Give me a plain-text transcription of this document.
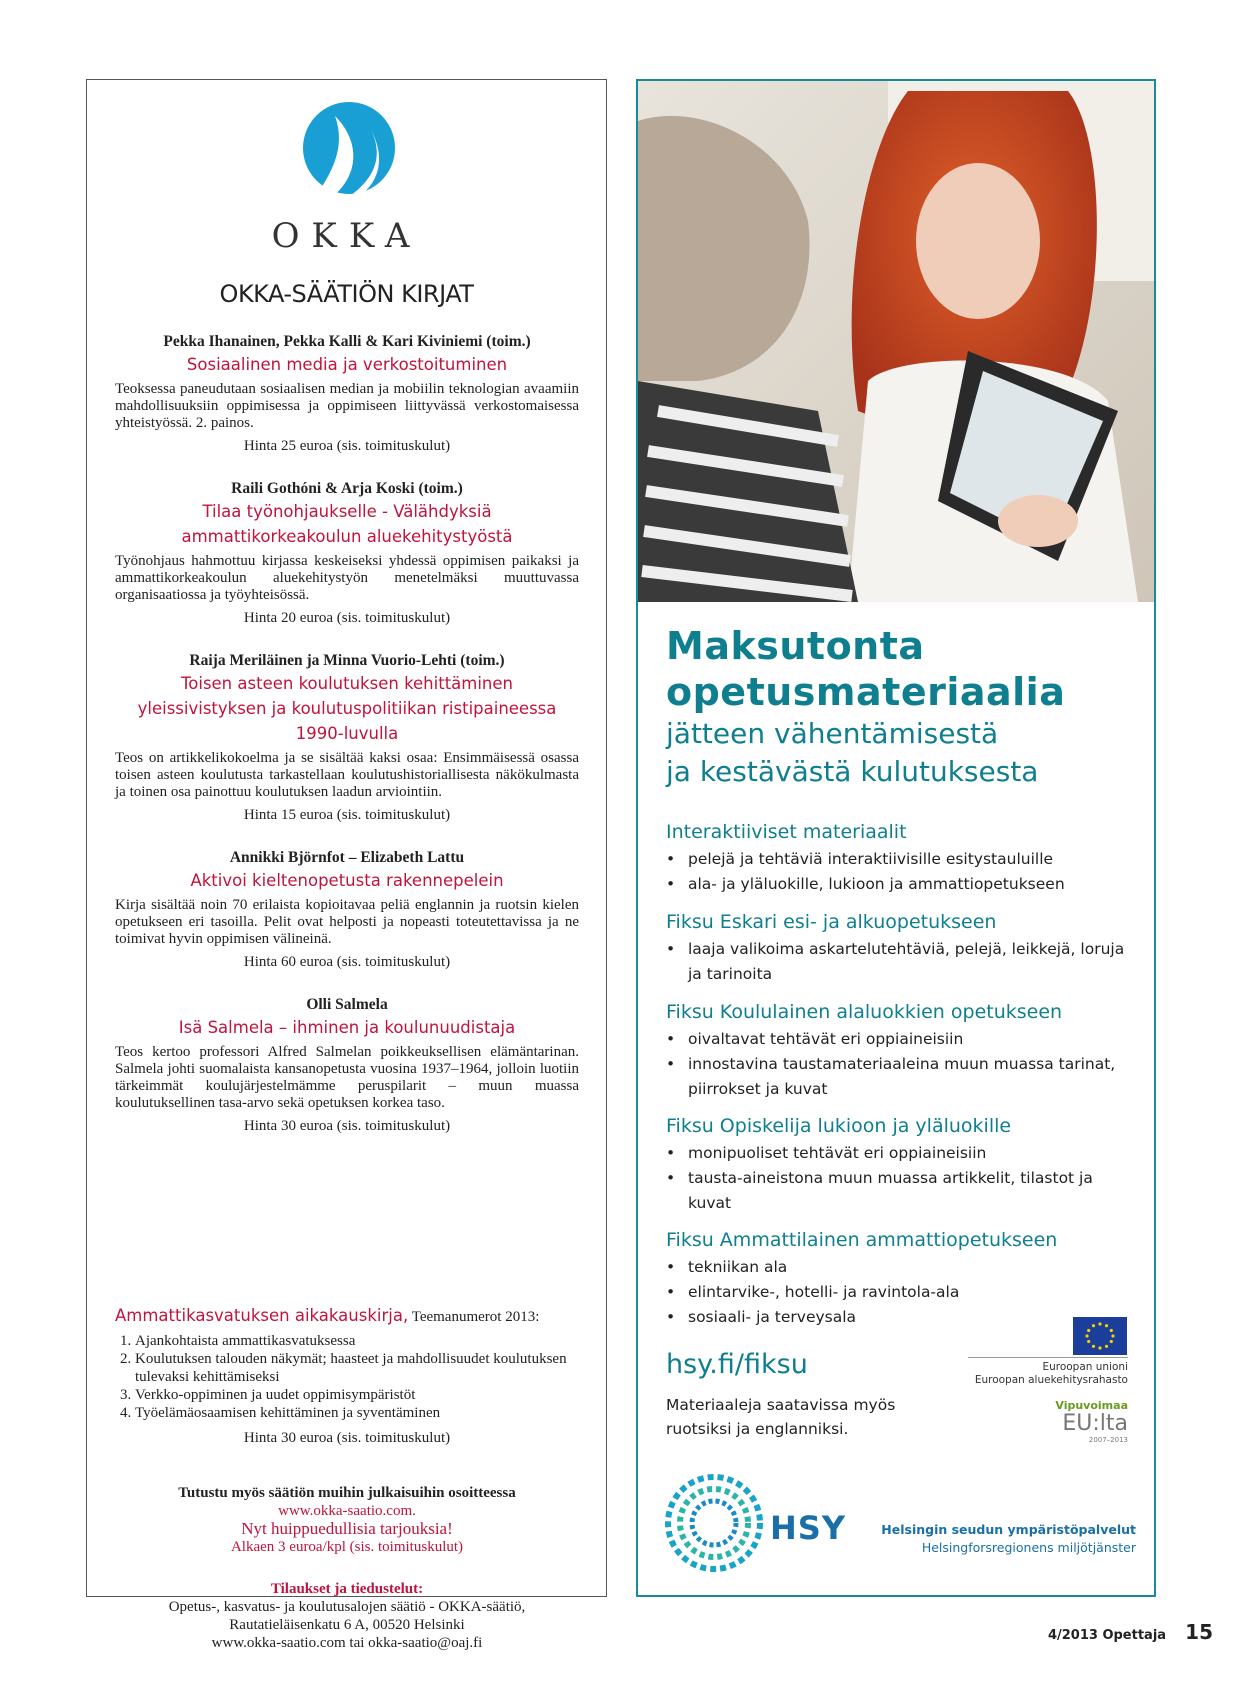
OKKA
OKKA-SÄÄTIÖN KIRJAT
Pekka Ihanainen, Pekka Kalli & Kari Kiviniemi (toim.)
Sosiaalinen media ja verkostoituminen
Teoksessa paneudutaan sosiaalisen median ja mobiilin teknologian avaamiin mahdollisuuksiin oppimisessa ja oppimiseen liittyvässä verkostomaisessa yhteistyössä. 2. painos.
Hinta 25 euroa (sis. toimituskulut)
Raili Gothóni & Arja Koski (toim.)
Tilaa työnohjaukselle - Välähdyksiä ammattikorkeakoulun aluekehitystyöstä
Työnohjaus hahmottuu kirjassa keskeiseksi yhdessä oppimisen paikaksi ja ammattikorkeakoulun aluekehitystyön menetelmäksi muuttuvassa organisaatiossa ja työyhteisössä.
Hinta 20 euroa (sis. toimituskulut)
Raija Meriläinen ja Minna Vuorio-Lehti (toim.)
Toisen asteen koulutuksen kehittäminen yleissivistyksen ja koulutuspolitiikan ristipaineessa 1990-luvulla
Teos on artikkelikokoelma ja se sisältää kaksi osaa: Ensimmäisessä osassa toisen asteen koulutusta tarkastellaan koulutushistoriallisesta näkökulmasta ja toinen osa painottuu koulutuksen laadun arviointiin.
Hinta 15 euroa (sis. toimituskulut)
Annikki Björnfot – Elizabeth Lattu
Aktivoi kieltenopetusta rakennepelein
Kirja sisältää noin 70 erilaista kopioitavaa peliä englannin ja ruotsin kielen opetukseen eri tasoilla. Pelit ovat helposti ja nopeasti toteutettavissa ja ne toimivat hyvin oppimisen välineinä.
Hinta 60 euroa (sis. toimituskulut)
Olli Salmela
Isä Salmela – ihminen ja koulunuudistaja
Teos kertoo professori Alfred Salmelan poikkeuksellisen elämäntarinan. Salmela johti suomalaista kansanopetusta vuosina 1937–1964, jolloin luotiin tärkeimmät koulujärjestelmämme peruspilarit – muun muassa koulutuksellinen tasa-arvo sekä opetuksen korkea taso.
Hinta 30 euroa (sis. toimituskulut)
Ammattikasvatuksen aikakauskirja, Teemanumerot 2013:
1. Ajankohtaista ammattikasvatuksessa
2. Koulutuksen talouden näkymät; haasteet ja mahdollisuudet koulutuksen tulevaksi kehittämiseksi
3. Verkko-oppiminen ja uudet oppimisympäristöt
4. Työelämäosaamisen kehittäminen ja syventäminen
Hinta 30 euroa (sis. toimituskulut)
Tutustu myös säätiön muihin julkaisuihin osoitteessa
www.okka-saatio.com.
Nyt huippuedullisia tarjouksia!
Alkaen 3 euroa/kpl (sis. toimituskulut)
Tilaukset ja tiedustelut:
Opetus-, kasvatus- ja koulutusalojen säätiö - OKKA-säätiö,
Rautatieläisenkatu 6 A, 00520 Helsinki
www.okka-saatio.com tai okka-saatio@oaj.fi
Maksutonta
opetusmateriaalia
jätteen vähentämisestä
ja kestävästä kulutuksesta
Interaktiiviset materiaalit
• pelejä ja tehtäviä interaktiivisille esitystauluille
• ala- ja yläluokille, lukioon ja ammattiopetukseen
Fiksu Eskari esi- ja alkuopetukseen
• laaja valikoima askartelutehtäviä, pelejä, leikkejä, loruja ja tarinoita
Fiksu Koululainen alaluokkien opetukseen
• oivaltavat tehtävät eri oppiaineisiin
• innostavina taustamateriaaleina muun muassa tarinat, piirrokset ja kuvat
Fiksu Opiskelija lukioon ja yläluokille
• monipuoliset tehtävät eri oppiaineisiin
• tausta-aineistona muun muassa artikkelit, tilastot ja kuvat
Fiksu Ammattilainen ammattiopetukseen
• tekniikan ala
• elintarvike-, hotelli- ja ravintola-ala
• sosiaali- ja terveysala
hsy.fi/fiksu
Materiaaleja saatavissa myös ruotsiksi ja englanniksi.
Euroopan unioni
Euroopan aluekehitysrahasto
Vipuvoimaa
EU:lta
2007–2013
HSY	Helsingin seudun ympäristöpalvelut
Helsingforsregionens miljötjänster
4/2013 Opettaja 15
